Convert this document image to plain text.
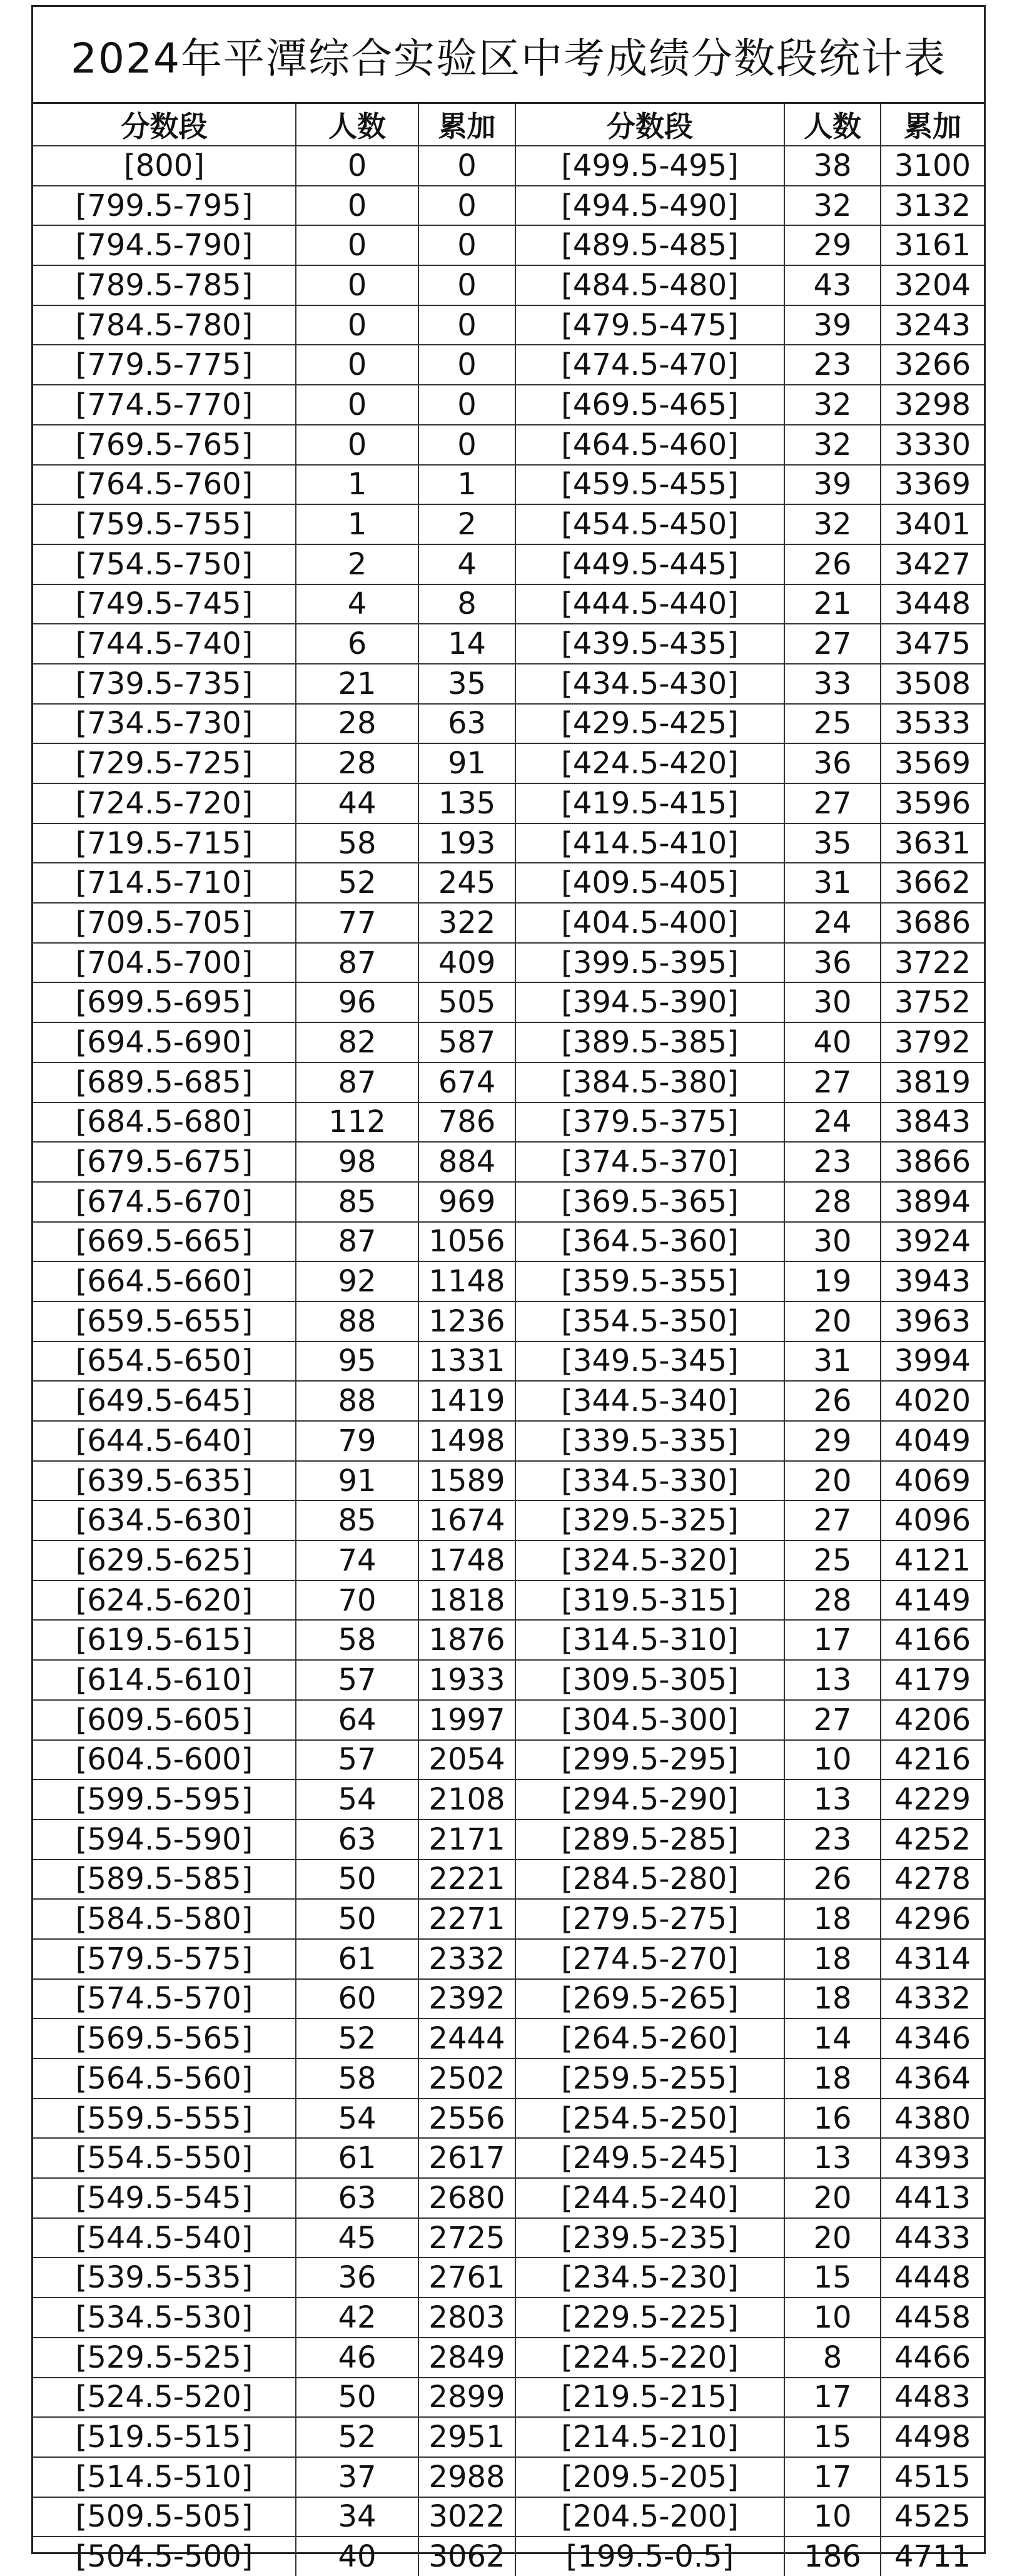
2024年平潭综合实验区中考成绩分数段统计表
分数段	人数	累加	分数段	人数	累加
[800]	0	0	[499.5-495]	38	3100
[799.5-795]	0	0	[494.5-490]	32	3132
[794.5-790]	0	0	[489.5-485]	29	3161
[789.5-785]	0	0	[484.5-480]	43	3204
[784.5-780]	0	0	[479.5-475]	39	3243
[779.5-775]	0	0	[474.5-470]	23	3266
[774.5-770]	0	0	[469.5-465]	32	3298
[769.5-765]	0	0	[464.5-460]	32	3330
[764.5-760]	1	1	[459.5-455]	39	3369
[759.5-755]	1	2	[454.5-450]	32	3401
[754.5-750]	2	4	[449.5-445]	26	3427
[749.5-745]	4	8	[444.5-440]	21	3448
[744.5-740]	6	14	[439.5-435]	27	3475
[739.5-735]	21	35	[434.5-430]	33	3508
[734.5-730]	28	63	[429.5-425]	25	3533
[729.5-725]	28	91	[424.5-420]	36	3569
[724.5-720]	44	135	[419.5-415]	27	3596
[719.5-715]	58	193	[414.5-410]	35	3631
[714.5-710]	52	245	[409.5-405]	31	3662
[709.5-705]	77	322	[404.5-400]	24	3686
[704.5-700]	87	409	[399.5-395]	36	3722
[699.5-695]	96	505	[394.5-390]	30	3752
[694.5-690]	82	587	[389.5-385]	40	3792
[689.5-685]	87	674	[384.5-380]	27	3819
[684.5-680]	112	786	[379.5-375]	24	3843
[679.5-675]	98	884	[374.5-370]	23	3866
[674.5-670]	85	969	[369.5-365]	28	3894
[669.5-665]	87	1056	[364.5-360]	30	3924
[664.5-660]	92	1148	[359.5-355]	19	3943
[659.5-655]	88	1236	[354.5-350]	20	3963
[654.5-650]	95	1331	[349.5-345]	31	3994
[649.5-645]	88	1419	[344.5-340]	26	4020
[644.5-640]	79	1498	[339.5-335]	29	4049
[639.5-635]	91	1589	[334.5-330]	20	4069
[634.5-630]	85	1674	[329.5-325]	27	4096
[629.5-625]	74	1748	[324.5-320]	25	4121
[624.5-620]	70	1818	[319.5-315]	28	4149
[619.5-615]	58	1876	[314.5-310]	17	4166
[614.5-610]	57	1933	[309.5-305]	13	4179
[609.5-605]	64	1997	[304.5-300]	27	4206
[604.5-600]	57	2054	[299.5-295]	10	4216
[599.5-595]	54	2108	[294.5-290]	13	4229
[594.5-590]	63	2171	[289.5-285]	23	4252
[589.5-585]	50	2221	[284.5-280]	26	4278
[584.5-580]	50	2271	[279.5-275]	18	4296
[579.5-575]	61	2332	[274.5-270]	18	4314
[574.5-570]	60	2392	[269.5-265]	18	4332
[569.5-565]	52	2444	[264.5-260]	14	4346
[564.5-560]	58	2502	[259.5-255]	18	4364
[559.5-555]	54	2556	[254.5-250]	16	4380
[554.5-550]	61	2617	[249.5-245]	13	4393
[549.5-545]	63	2680	[244.5-240]	20	4413
[544.5-540]	45	2725	[239.5-235]	20	4433
[539.5-535]	36	2761	[234.5-230]	15	4448
[534.5-530]	42	2803	[229.5-225]	10	4458
[529.5-525]	46	2849	[224.5-220]	8	4466
[524.5-520]	50	2899	[219.5-215]	17	4483
[519.5-515]	52	2951	[214.5-210]	15	4498
[514.5-510]	37	2988	[209.5-205]	17	4515
[509.5-505]	34	3022	[204.5-200]	10	4525
[504.5-500]	40	3062	[199.5-0.5]	186	4711
